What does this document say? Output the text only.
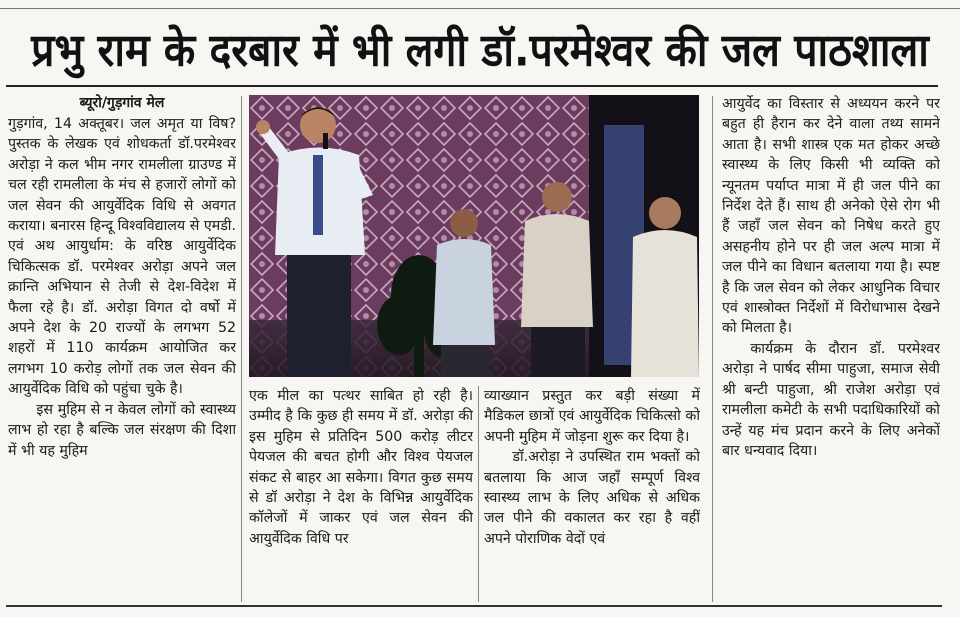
प्रभु राम के दरबार में भी लगी डॉ.परमेश्वर की जल पाठशाला
ब्यूरो/गुड़गांव मेल

गुड़गांव, 14 अक्तूबर। जल अमृत या विष? पुस्तक के लेखक एवं शोधकर्ता डॉ.परमेश्वर अरोड़ा ने कल भीम नगर रामलीला ग्राउण्ड में चल रही रामलीला के मंच से हजारों लोगों को जल सेवन की आयुर्वेदिक विधि से अवगत कराया। बनारस हिन्दू विश्वविद्यालय से एमडी. एवं अथ आयुर्धाम: के वरिष्ठ आयुर्वेदिक चिकित्सक डॉ. परमेश्वर अरोड़ा अपने जल क्रान्ति अभियान से तेजी से देश-विदेश में फैला रहे है। डॉ. अरोड़ा विगत दो वर्षो में अपने देश के 20 राज्यों के लगभग 52 शहरों में 110 कार्यक्रम आयोजित कर लगभग 10 करोड़ लोगों तक जल सेवन की आयुर्वेदिक विधि को पहुंचा चुके है।

इस मुहिम से न केवल लोगों को स्वास्थ्य लाभ हो रहा है बल्कि जल संरक्षण की दिशा में भी यह मुहिम

एक मील का पत्थर साबित हो रही है। उम्मीद है कि कुछ ही समय में डॉ. अरोड़ा की इस मुहिम से प्रतिदिन 500 करोड़ लीटर पेयजल की बचत होगी और विश्व पेयजल संकट से बाहर आ सकेगा। विगत कुछ समय से डॉ अरोड़ा ने देश के विभिन्न आयुर्वेदिक कॉलेजों में जाकर एवं जल सेवन की आयुर्वेदिक विधि पर

व्याख्यान प्रस्तुत कर बड़ी संख्या में मैडिकल छात्रों एवं आयुर्वेदिक चिकित्सो को अपनी मुहिम में जोड़ना शुरू कर दिया है।

डॉ.अरोड़ा ने उपस्थित राम भक्तों को बतलाया कि आज जहाँ सम्पूर्ण विश्व स्वास्थ्य लाभ के लिए अधिक से अधिक जल पीने की वकालत कर रहा है वहीं अपने पोराणिक वेदों एवं

आयुर्वेद का विस्तार से अध्ययन करने पर बहुत ही हैरान कर देने वाला तथ्य सामने आता है। सभी शास्त्र एक मत होकर अच्छे स्वास्थ्य के लिए किसी भी व्यक्ति को न्यूनतम पर्याप्त मात्रा में ही जल पीने का निर्देश देते हैं। साथ ही अनेको ऐसे रोग भी हैं जहाँ जल सेवन को निषेध करते हुए असहनीय होने पर ही जल अल्प मात्रा में जल पीने का विधान बतलाया गया है। स्पष्ट है कि जल सेवन को लेकर आधुनिक विचार एवं शास्त्रोक्त निर्देशों में विरोधाभास देखने को मिलता है।

कार्यक्रम के दौरान डॉ. परमेश्वर अरोड़ा ने पार्षद सीमा पाहुजा, समाज सेवी श्री बन्टी पाहुजा, श्री राजेश अरोड़ा एवं रामलीला कमेटी के सभी पदाधिकारियों को उन्हें यह मंच प्रदान करने के लिए अनेकों बार धन्यवाद दिया।
